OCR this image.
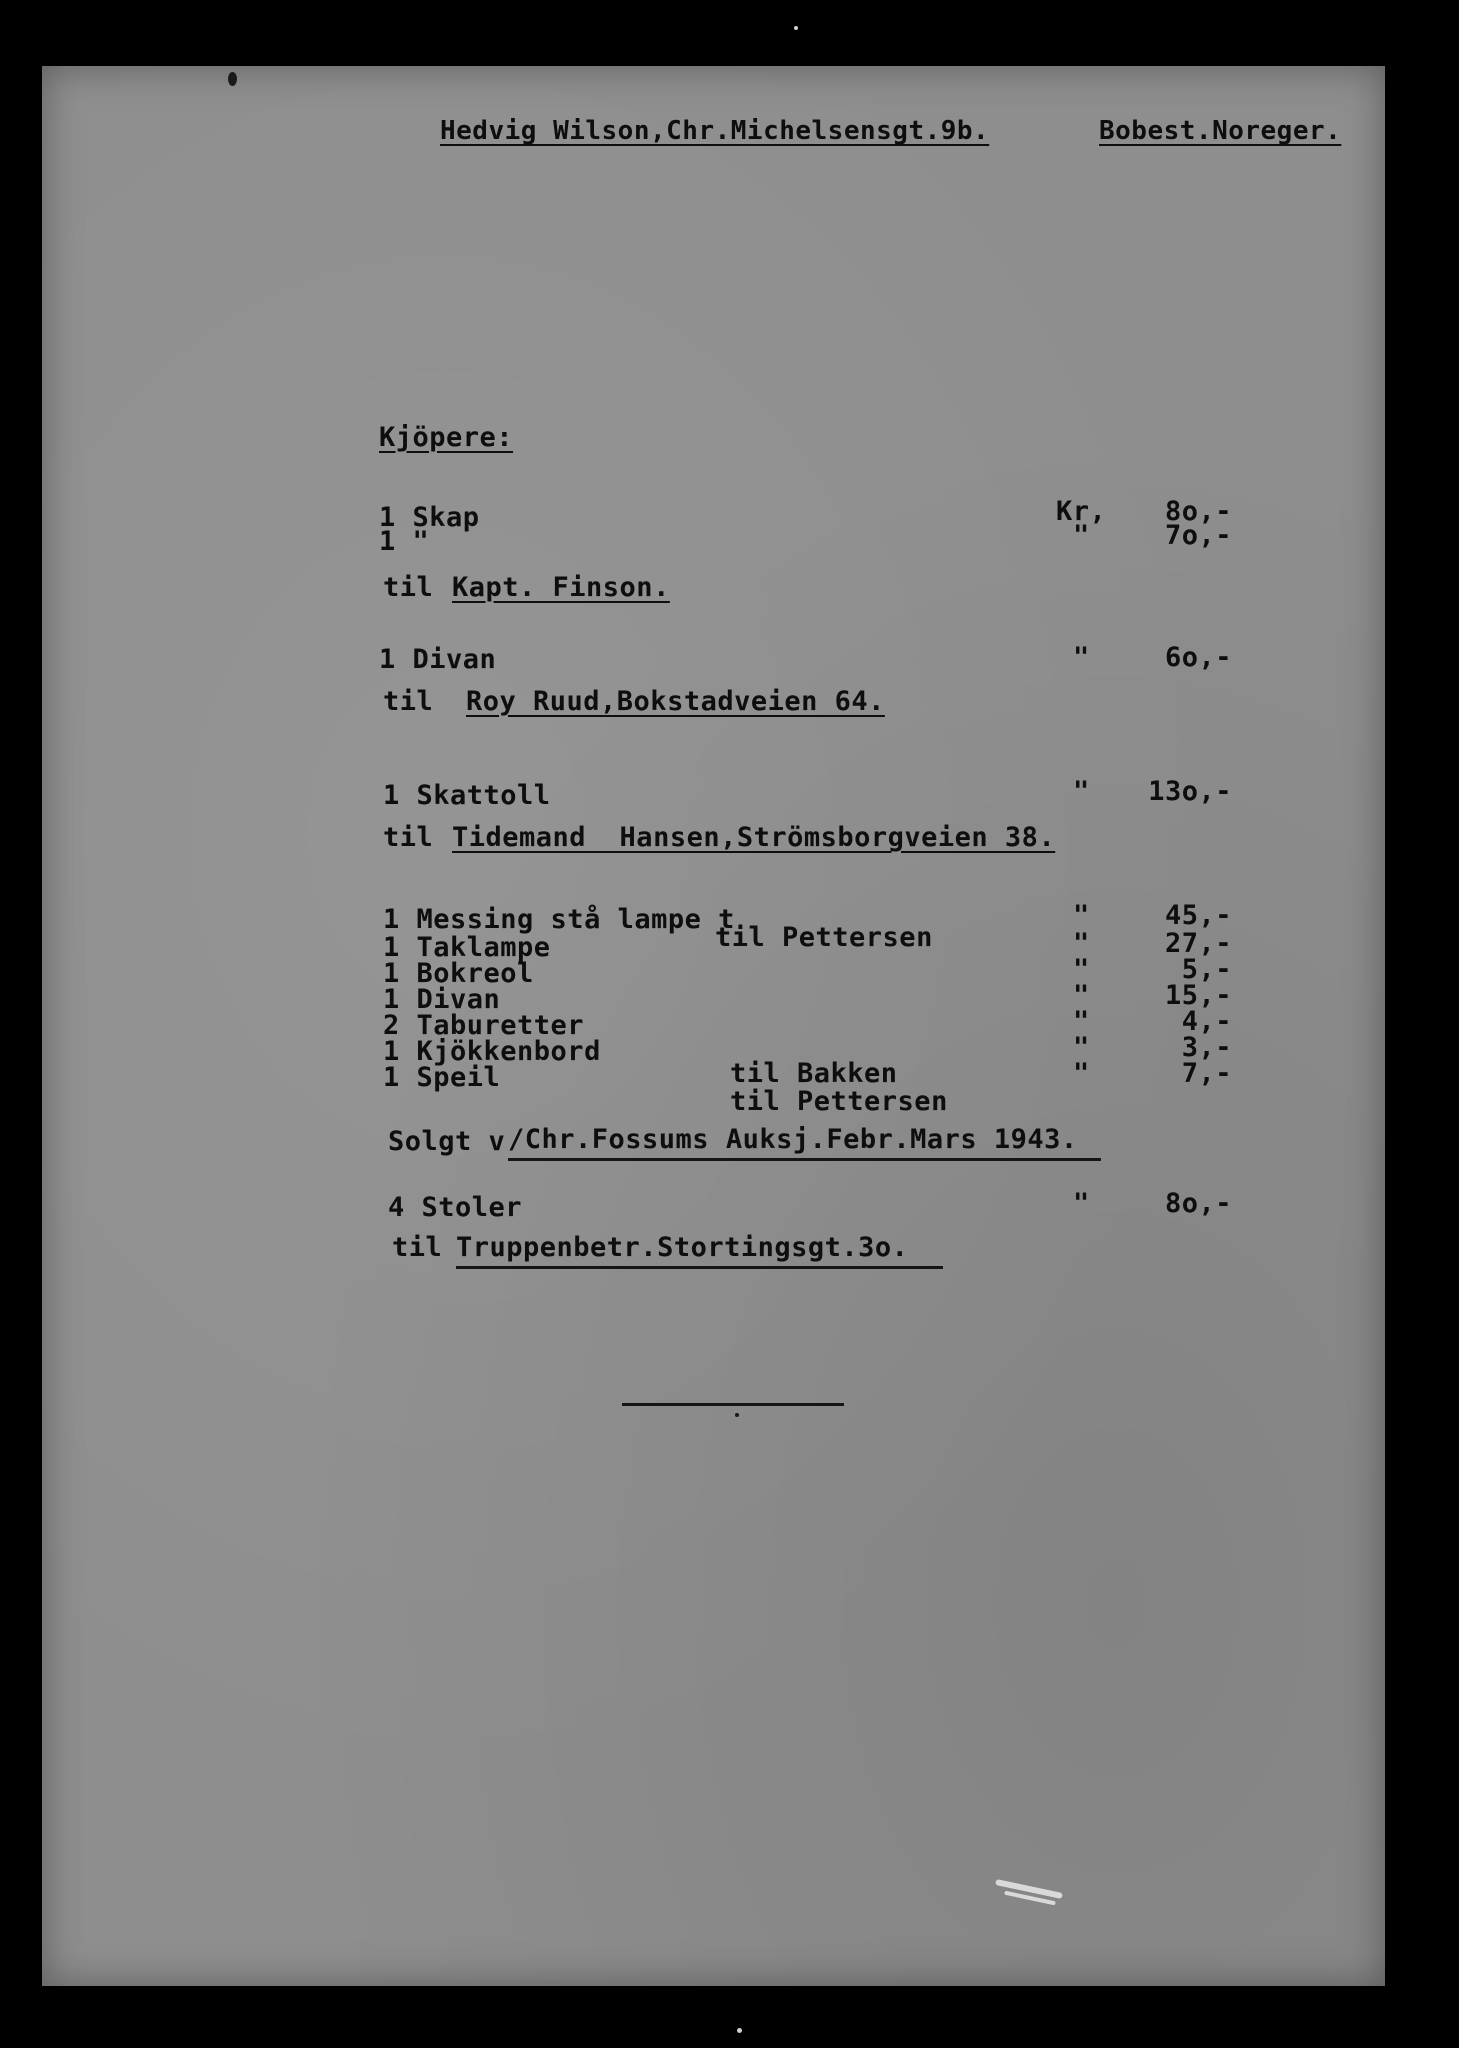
Hedvig Wilson,Chr.Michelsensgt.9b.	Bobest.Noreger.
Kjöpere:
1 Skap	Kr,	8o,-
1 "	"	7o,-
til Kapt. Finson.
1 Divan	"	6o,-
til Roy Ruud,Bokstadveien 64.
1 Skattoll	"	13o,-
til Tidemand  Hansen,Strömsborgveien 38.
1 Messing stå lampe t	"	45,-
til Pettersen
1 Taklampe	"	27,-
1 Bokreol	"	5,-
1 Divan	"	15,-
2 Taburetter	"	4,-
1 Kjökkenbord	"	3,-
til Bakken
1 Speil	"	7,-
til Pettersen
Solgt v /Chr.Fossums Auksj.Febr.Mars 1943.
4 Stoler	"	8o,-
til Truppenbetr.Stortingsgt.3o.
